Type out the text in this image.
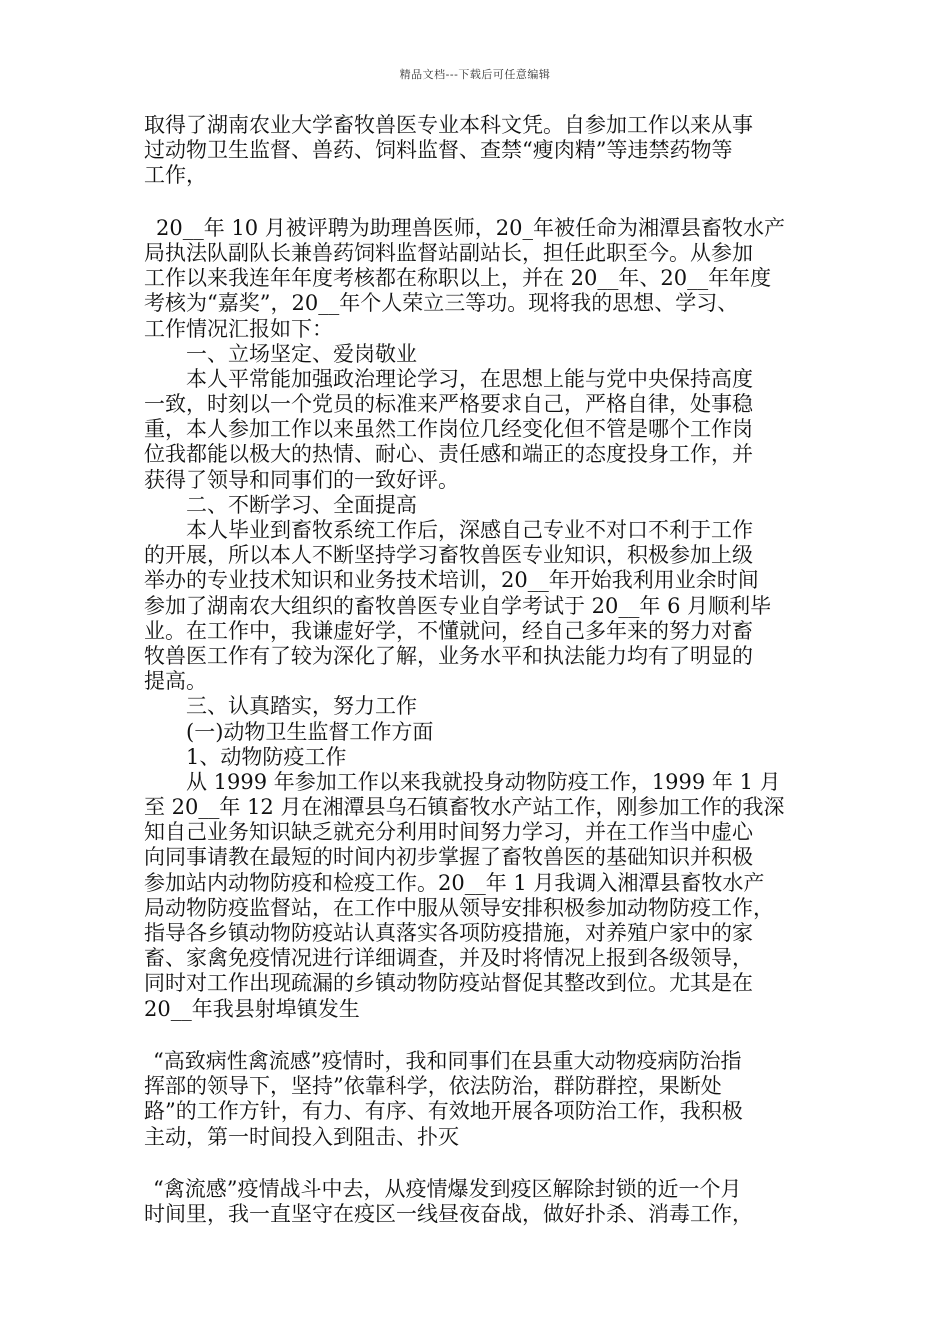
精品文档---下载后可任意编辑
取得了湖南农业大学畜牧兽医专业本科文凭。自参加工作以来从事
过动物卫生监督、兽药、饲料监督、查禁“瘦肉精”等违禁药物等
工作，
20__年 10 月被评聘为助理兽医师，20_年被任命为湘潭县畜牧水产
局执法队副队长兼兽药饲料监督站副站长，担任此职至今。从参加
工作以来我连年年度考核都在称职以上，并在 20__年、20__年年度
考核为“嘉奖”，20__年个人荣立三等功。现将我的思想、学习、
工作情况汇报如下：
一、立场坚定、爱岗敬业
本人平常能加强政治理论学习，在思想上能与党中央保持高度
一致，时刻以一个党员的标准来严格要求自己，严格自律，处事稳
重，本人参加工作以来虽然工作岗位几经变化但不管是哪个工作岗
位我都能以极大的热情、耐心、责任感和端正的态度投身工作，并
获得了领导和同事们的一致好评。
二、不断学习、全面提高
本人毕业到畜牧系统工作后，深感自己专业不对口不利于工作
的开展，所以本人不断坚持学习畜牧兽医专业知识，积极参加上级
举办的专业技术知识和业务技术培训，20__年开始我利用业余时间
参加了湖南农大组织的畜牧兽医专业自学考试于 20__年 6 月顺利毕
业。在工作中，我谦虚好学，不懂就问，经自己多年来的努力对畜
牧兽医工作有了较为深化了解，业务水平和执法能力均有了明显的
提高。
三、认真踏实，努力工作
(一)动物卫生监督工作方面
1、动物防疫工作
从 1999 年参加工作以来我就投身动物防疫工作，1999 年 1 月
至 20__年 12 月在湘潭县乌石镇畜牧水产站工作，刚参加工作的我深
知自己业务知识缺乏就充分利用时间努力学习，并在工作当中虚心
向同事请教在最短的时间内初步掌握了畜牧兽医的基础知识并积极
参加站内动物防疫和检疫工作。20__年 1 月我调入湘潭县畜牧水产
局动物防疫监督站，在工作中服从领导安排积极参加动物防疫工作，
指导各乡镇动物防疫站认真落实各项防疫措施，对养殖户家中的家
畜、家禽免疫情况进行详细调查，并及时将情况上报到各级领导，
同时对工作出现疏漏的乡镇动物防疫站督促其整改到位。尤其是在
20__年我县射埠镇发生
“高致病性禽流感”疫情时，我和同事们在县重大动物疫病防治指
挥部的领导下，坚持”依靠科学，依法防治，群防群控，果断处
路”的工作方针，有力、有序、有效地开展各项防治工作，我积极
主动，第一时间投入到阻击、扑灭
“禽流感”疫情战斗中去，从疫情爆发到疫区解除封锁的近一个月
时间里，我一直坚守在疫区一线昼夜奋战，做好扑杀、消毒工作，
